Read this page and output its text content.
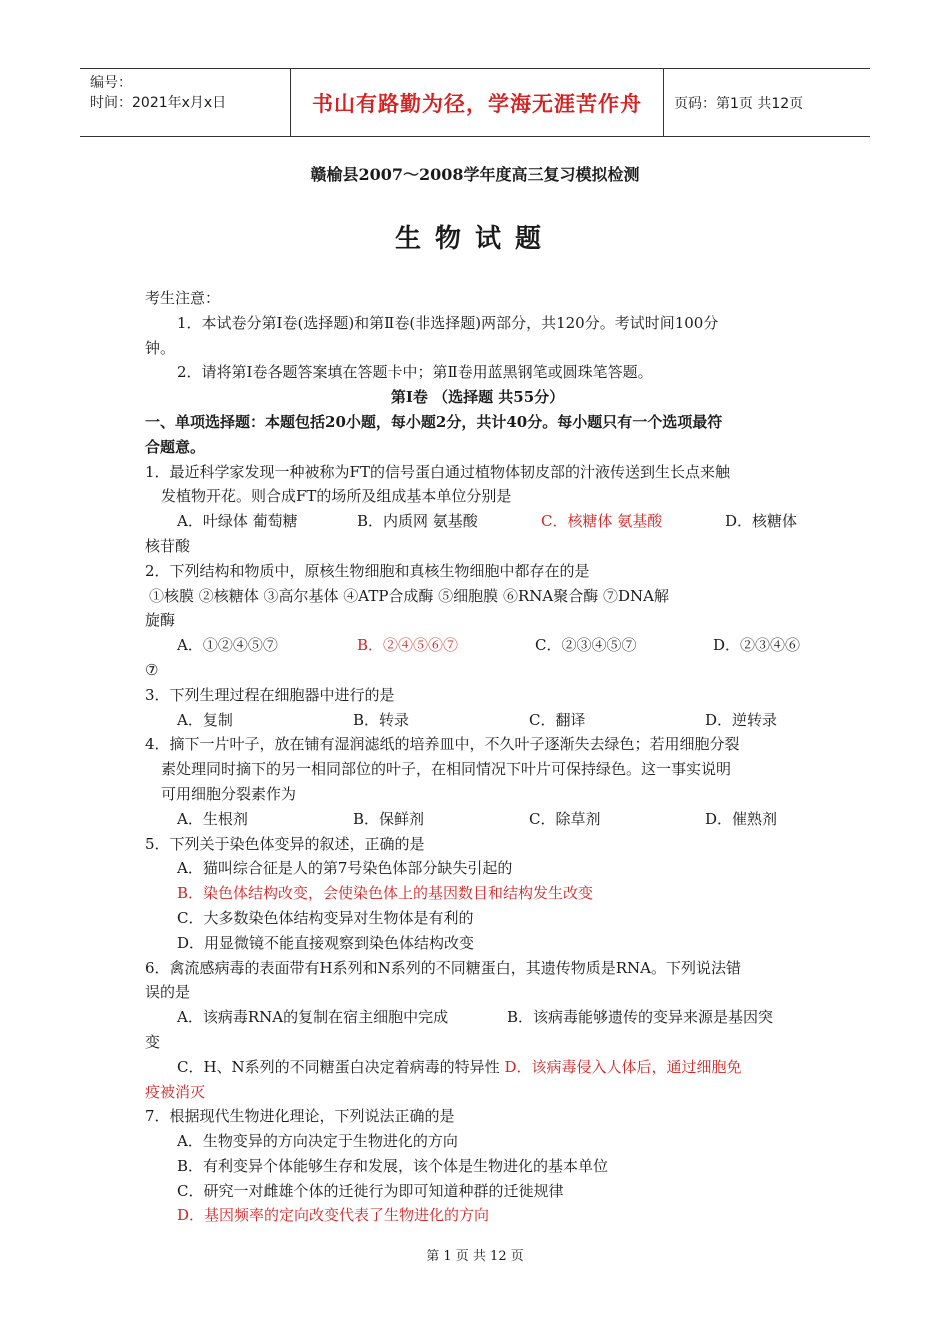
编号：
时间：2021年x月x日	书山有路勤为径，学海无涯苦作舟	页码：第1页 共12页
赣榆县2007～2008学年度高三复习模拟检测
生物试题
考生注意：
1．本试卷分第Ⅰ卷(选择题)和第Ⅱ卷(非选择题)两部分，共120分。考试时间100分
钟。
2．请将第Ⅰ卷各题答案填在答题卡中；第Ⅱ卷用蓝黑钢笔或圆珠笔答题。
第Ⅰ卷 （选择题 共55分）
一、单项选择题：本题包括20小题，每小题2分，共计40分。每小题只有一个选项最符
合题意。
1．最近科学家发现一种被称为FT的信号蛋白通过植物体韧皮部的汁液传送到生长点来触
发植物开花。则合成FT的场所及组成基本单位分别是
A．叶绿体 葡萄糖	B．内质网 氨基酸	C．核糖体 氨基酸	D．核糖体
核苷酸
2．下列结构和物质中，原核生物细胞和真核生物细胞中都存在的是
①核膜 ②核糖体 ③高尔基体 ④ATP合成酶 ⑤细胞膜 ⑥RNA聚合酶 ⑦DNA解
旋酶
A．①②④⑤⑦	B．②④⑤⑥⑦	C．②③④⑤⑦	D．②③④⑥
⑦
3．下列生理过程在细胞器中进行的是
A．复制	B．转录	C．翻译	D．逆转录
4．摘下一片叶子，放在铺有湿润滤纸的培养皿中，不久叶子逐渐失去绿色；若用细胞分裂
素处理同时摘下的另一相同部位的叶子，在相同情况下叶片可保持绿色。这一事实说明
可用细胞分裂素作为
A．生根剂	B．保鲜剂	C．除草剂	D．催熟剂
5．下列关于染色体变异的叙述，正确的是
A．猫叫综合征是人的第7号染色体部分缺失引起的
B．染色体结构改变，会使染色体上的基因数目和结构发生改变
C．大多数染色体结构变异对生物体是有利的
D．用显微镜不能直接观察到染色体结构改变
6．禽流感病毒的表面带有H系列和N系列的不同糖蛋白，其遗传物质是RNA。下列说法错
误的是
A．该病毒RNA的复制在宿主细胞中完成	B．该病毒能够遗传的变异来源是基因突
变
C．H、N系列的不同糖蛋白决定着病毒的特异性 D．该病毒侵入人体后，通过细胞免
疫被消灭
7．根据现代生物进化理论，下列说法正确的是
A．生物变异的方向决定于生物进化的方向
B．有利变异个体能够生存和发展，该个体是生物进化的基本单位
C．研究一对雌雄个体的迁徙行为即可知道种群的迁徙规律
D．基因频率的定向改变代表了生物进化的方向
第 1 页 共 12 页
